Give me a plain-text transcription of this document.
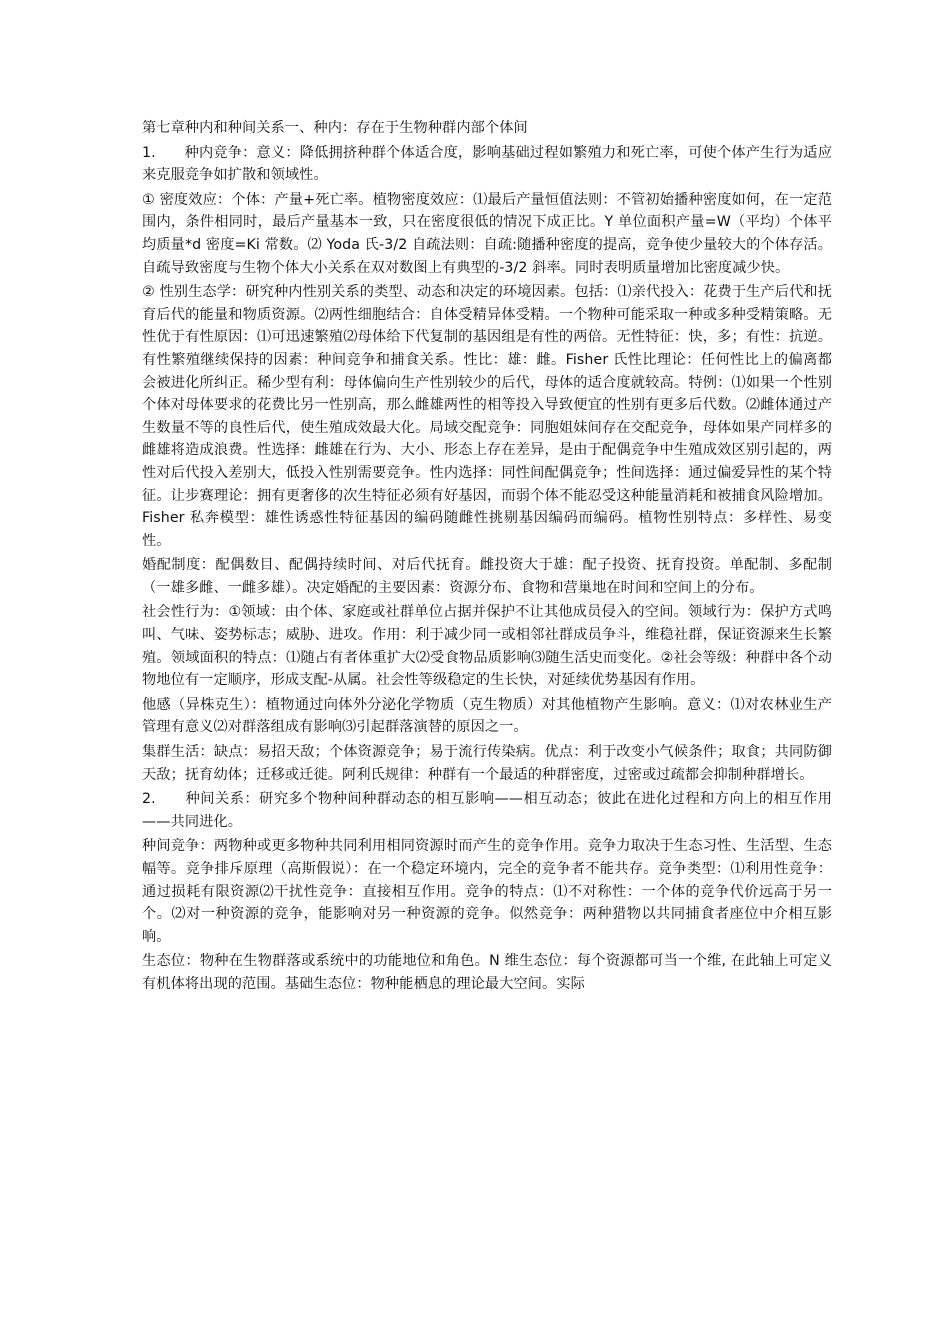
第七章种内和种间关系一、种内：存在于生物种群内部个体间

1.　　种内竞争：意义：降低拥挤种群个体适合度，影响基础过程如繁殖力和死亡率，可使个体产生行为适应来克服竞争如扩散和领域性。

① 密度效应：个体：产量+死亡率。植物密度效应：⑴最后产量恒值法则：不管初始播种密度如何，在一定范围内，条件相同时，最后产量基本一致，只在密度很低的情况下成正比。Y 单位面积产量=W（平均）个体平均质量*d 密度=Ki 常数。⑵ Yoda 氏-3/2 自疏法则：自疏:随播种密度的提高，竞争使少量较大的个体存活。自疏导致密度与生物个体大小关系在双对数图上有典型的-3/2 斜率。同时表明质量增加比密度减少快。

② 性别生态学：研究种内性别关系的类型、动态和决定的环境因素。包括：⑴亲代投入：花费于生产后代和抚育后代的能量和物质资源。⑵两性细胞结合：自体受精异体受精。一个物种可能采取一种或多种受精策略。无性优于有性原因：⑴可迅速繁殖⑵母体给下代复制的基因组是有性的两倍。无性特征：快，多；有性：抗逆。有性繁殖继续保持的因素：种间竞争和捕食关系。性比：雄：雌。Fisher 氏性比理论：任何性比上的偏离都会被进化所纠正。稀少型有利：母体偏向生产性别较少的后代，母体的适合度就较高。特例：⑴如果一个性别个体对母体要求的花费比另一性别高，那么雌雄两性的相等投入导致便宜的性别有更多后代数。⑵雌体通过产生数量不等的良性后代，使生殖成效最大化。局域交配竞争：同胞姐妹间存在交配竞争，母体如果产同样多的雌雄将造成浪费。性选择：雌雄在行为、大小、形态上存在差异，是由于配偶竞争中生殖成效区别引起的，两性对后代投入差别大，低投入性别需要竞争。性内选择：同性间配偶竞争；性间选择：通过偏爱异性的某个特征。让步赛理论：拥有更奢侈的次生特征必须有好基因，而弱个体不能忍受这种能量消耗和被捕食风险增加。Fisher 私奔模型：雄性诱惑性特征基因的编码随雌性挑剔基因编码而编码。植物性别特点：多样性、易变性。

婚配制度：配偶数目、配偶持续时间、对后代抚育。雌投资大于雄：配子投资、抚育投资。单配制、多配制（一雄多雌、一雌多雄）。决定婚配的主要因素：资源分布、食物和营巢地在时间和空间上的分布。

社会性行为：①领域：由个体、家庭或社群单位占据并保护不让其他成员侵入的空间。领域行为：保护方式鸣叫、气味、姿势标志；威胁、进攻。作用：利于减少同一或相邻社群成员争斗，维稳社群，保证资源来生长繁殖。领域面积的特点：⑴随占有者体重扩大⑵受食物品质影响⑶随生活史而变化。②社会等级：种群中各个动物地位有一定顺序，形成支配-从属。社会性等级稳定的生长快，对延续优势基因有作用。

他感（异株克生）：植物通过向体外分泌化学物质（克生物质）对其他植物产生影响。意义：⑴对农林业生产管理有意义⑵对群落组成有影响⑶引起群落演替的原因之一。

集群生活：缺点：易招天敌；个体资源竞争；易于流行传染病。优点：利于改变小气候条件；取食；共同防御天敌；抚育幼体；迁移或迁徙。阿利氏规律：种群有一个最适的种群密度，过密或过疏都会抑制种群增长。

2.　　种间关系：研究多个物种间种群动态的相互影响——相互动态；彼此在进化过程和方向上的相互作用——共同进化。

种间竞争：两物种或更多物种共同利用相同资源时而产生的竞争作用。竞争力取决于生态习性、生活型、生态幅等。竞争排斥原理（高斯假说）：在一个稳定环境内，完全的竞争者不能共存。竞争类型：⑴利用性竞争：通过损耗有限资源⑵干扰性竞争：直接相互作用。竞争的特点：⑴不对称性：一个体的竞争代价远高于另一个。⑵对一种资源的竞争，能影响对另一种资源的竞争。似然竞争：两种猎物以共同捕食者座位中介相互影响。

生态位：物种在生物群落或系统中的功能地位和角色。N 维生态位：每个资源都可当一个维, 在此轴上可定义有机体将出现的范围。基础生态位：物种能栖息的理论最大空间。实际
